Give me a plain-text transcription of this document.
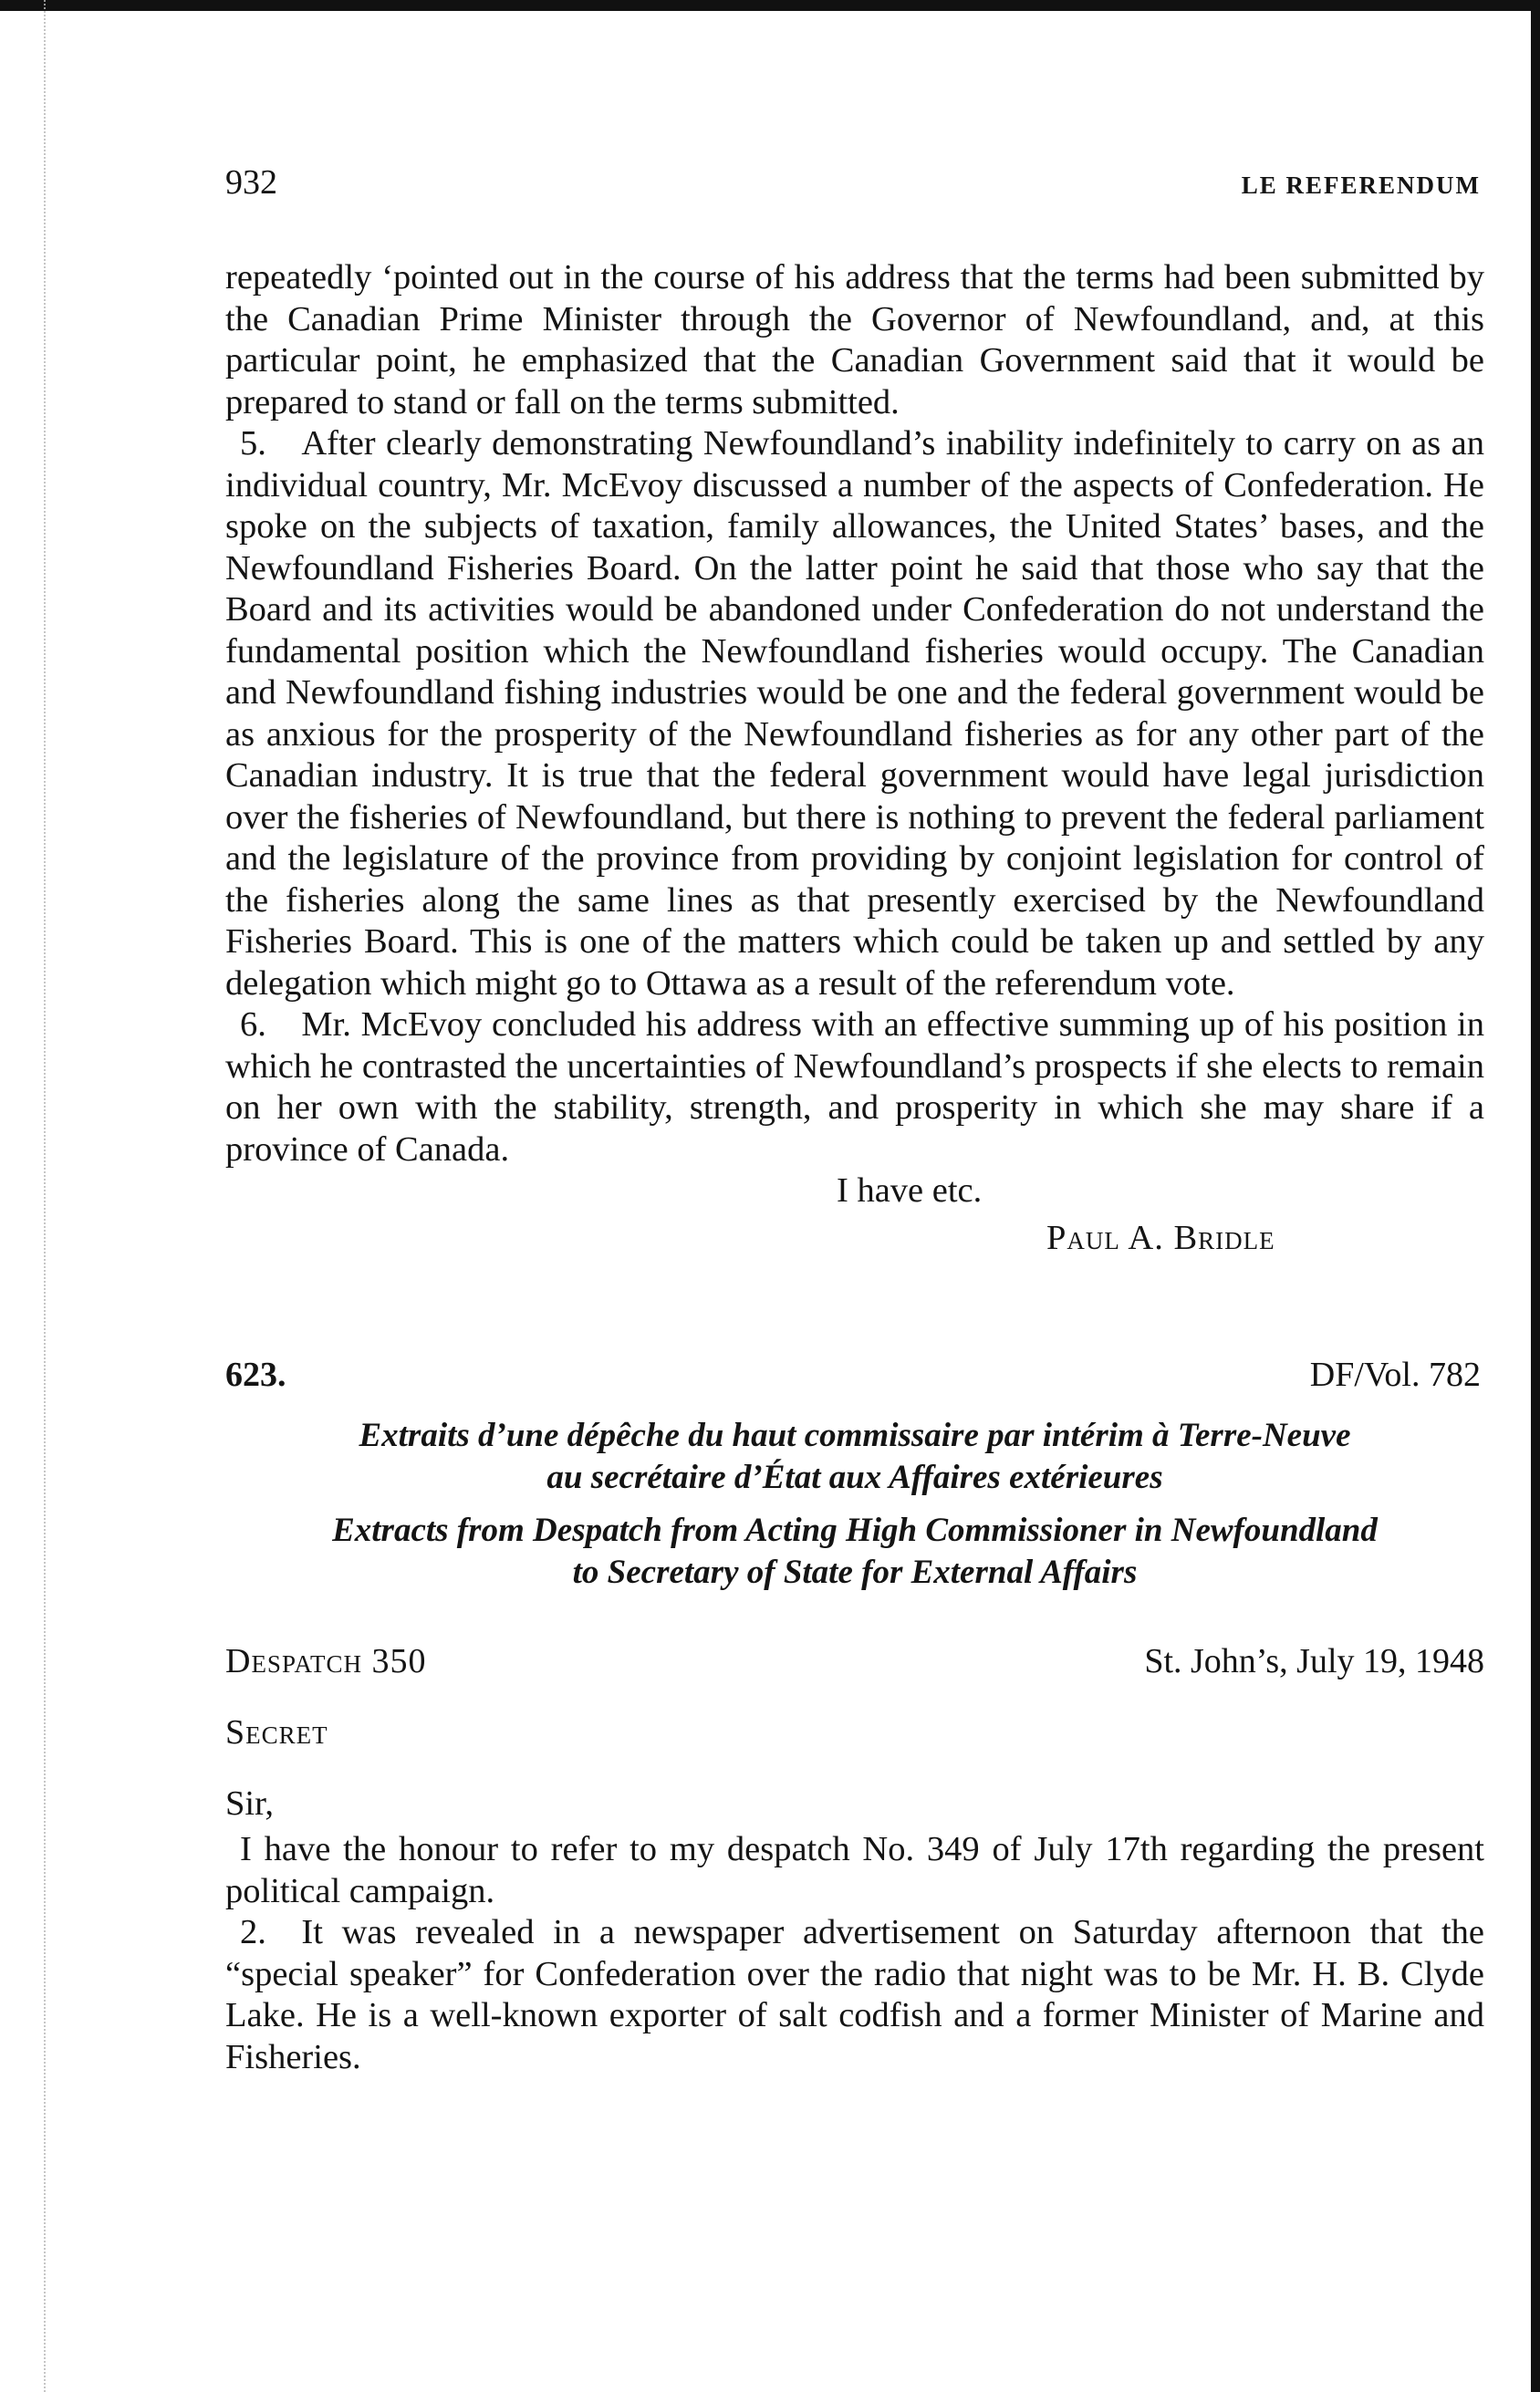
932	LE REFERENDUM

repeatedly ‘pointed out in the course of his address that the terms had been submitted by the Canadian Prime Minister through the Governor of Newfoundland, and, at this particular point, he emphasized that the Canadian Government said that it would be prepared to stand or fall on the terms submitted.

5. After clearly demonstrating Newfoundland’s inability indefinitely to carry on as an individual country, Mr. McEvoy discussed a number of the aspects of Confederation. He spoke on the subjects of taxation, family allowances, the United States’ bases, and the Newfoundland Fisheries Board. On the latter point he said that those who say that the Board and its activities would be abandoned under Confederation do not understand the fundamental position which the Newfoundland fisheries would occupy. The Canadian and Newfoundland fishing industries would be one and the federal government would be as anxious for the prosperity of the Newfoundland fisheries as for any other part of the Canadian industry. It is true that the federal government would have legal jurisdiction over the fisheries of Newfoundland, but there is nothing to prevent the federal parliament and the legislature of the province from providing by conjoint legislation for control of the fisheries along the same lines as that presently exercised by the Newfoundland Fisheries Board. This is one of the matters which could be taken up and settled by any delegation which might go to Ottawa as a result of the referendum vote.

6. Mr. McEvoy concluded his address with an effective summing up of his position in which he contrasted the uncertainties of Newfoundland’s prospects if she elects to remain on her own with the stability, strength, and prosperity in which she may share if a province of Canada.

I have etc.
Paul A. Bridle
623.	DF/Vol. 782
Extraits d’une dépêche du haut commissaire par intérim à Terre-Neuve
au secrétaire d’État aux Affaires extérieures
Extracts from Despatch from Acting High Commissioner in Newfoundland
to Secretary of State for External Affairs
Despatch 350	St. John’s, July 19, 1948
Secret
Sir,

I have the honour to refer to my despatch No. 349 of July 17th regarding the present political campaign.

2. It was revealed in a newspaper advertisement on Saturday afternoon that the “special speaker” for Confederation over the radio that night was to be Mr. H. B. Clyde Lake. He is a well-known exporter of salt codfish and a former Minister of Marine and Fisheries.
